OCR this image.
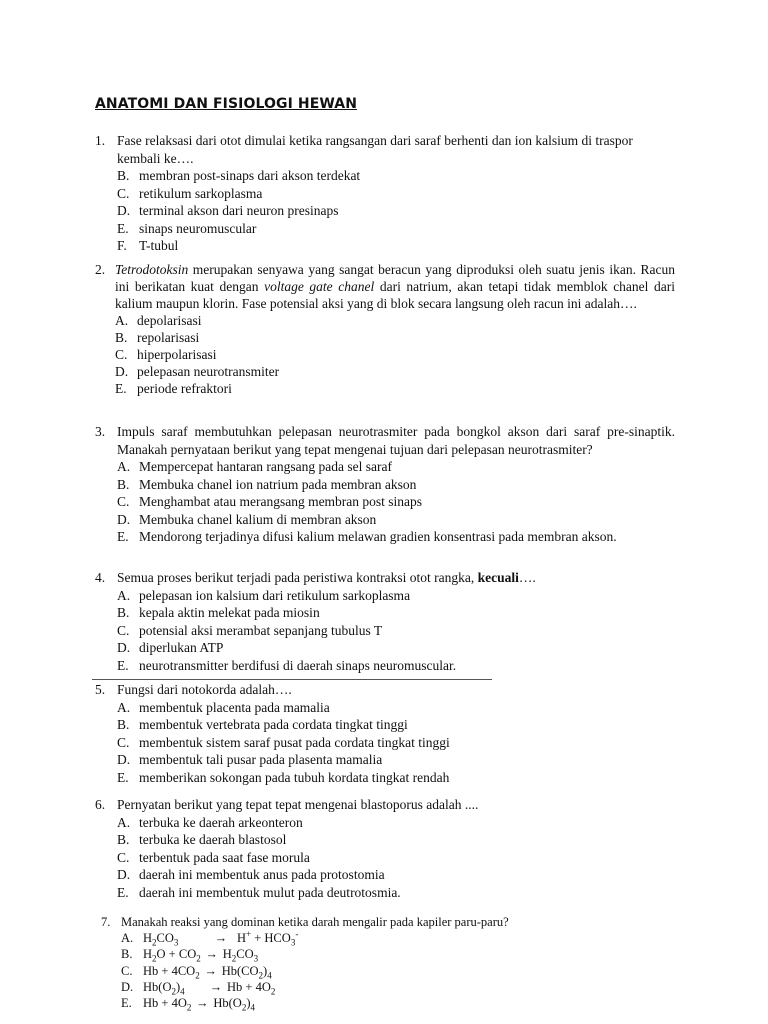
ANATOMI DAN FISIOLOGI HEWAN
1. Fase relaksasi dari otot dimulai ketika rangsangan dari saraf berhenti dan ion kalsium di traspor kembali ke….
B. membran post-sinaps dari akson terdekat
C. retikulum sarkoplasma
D. terminal akson dari neuron presinaps
E. sinaps neuromuscular
F. T-tubul
2. Tetrodotoksin merupakan senyawa yang sangat beracun yang diproduksi oleh suatu jenis ikan. Racun ini berikatan kuat dengan voltage gate chanel dari natrium, akan tetapi tidak memblok chanel dari kalium maupun klorin. Fase potensial aksi yang di blok secara langsung oleh racun ini adalah….
A. depolarisasi
B. repolarisasi
C. hiperpolarisasi
D. pelepasan neurotransmiter
E. periode refraktori
3. Impuls saraf membutuhkan pelepasan neurotrasmiter pada bongkol akson dari saraf pre-sinaptik. Manakah pernyataan berikut yang tepat mengenai tujuan dari pelepasan neurotrasmiter?
A. Mempercepat hantaran rangsang pada sel saraf
B. Membuka chanel ion natrium pada membran akson
C. Menghambat atau merangsang membran post sinaps
D. Membuka chanel kalium di membran akson
E. Mendorong terjadinya difusi kalium melawan gradien konsentrasi pada membran akson.
4. Semua proses berikut terjadi pada peristiwa kontraksi otot rangka, kecuali….
A. pelepasan ion kalsium dari retikulum sarkoplasma
B. kepala aktin melekat pada miosin
C. potensial aksi merambat sepanjang tubulus T
D. diperlukan ATP
E. neurotransmitter berdifusi di daerah sinaps neuromuscular.
5. Fungsi dari notokorda adalah….
A. membentuk placenta pada mamalia
B. membentuk vertebrata pada cordata tingkat tinggi
C. membentuk sistem saraf pusat pada cordata tingkat tinggi
D. membentuk tali pusar pada plasenta mamalia
E. memberikan sokongan pada tubuh kordata tingkat rendah
6. Pernyatan berikut yang tepat tepat mengenai blastoporus adalah ....
A. terbuka ke daerah arkeonteron
B. terbuka ke daerah blastosol
C. terbentuk pada saat fase morula
D. daerah ini membentuk anus pada protostomia
E. daerah ini membentuk mulut pada deutrotosmia.
7. Manakah reaksi yang dominan ketika darah mengalir pada kapiler paru-paru?
A. $H_2CO_3$	→ $H^+ + HCO_3^-$
B. $H_2O + CO_2 \to H_2CO_3$
C. $Hb + 4CO_2 \to Hb(CO_2)_4$
D. $Hb(O_2)_4$	→ $Hb + 4O_2$
E. $Hb + 4O_2 \to Hb(O_2)_4$
